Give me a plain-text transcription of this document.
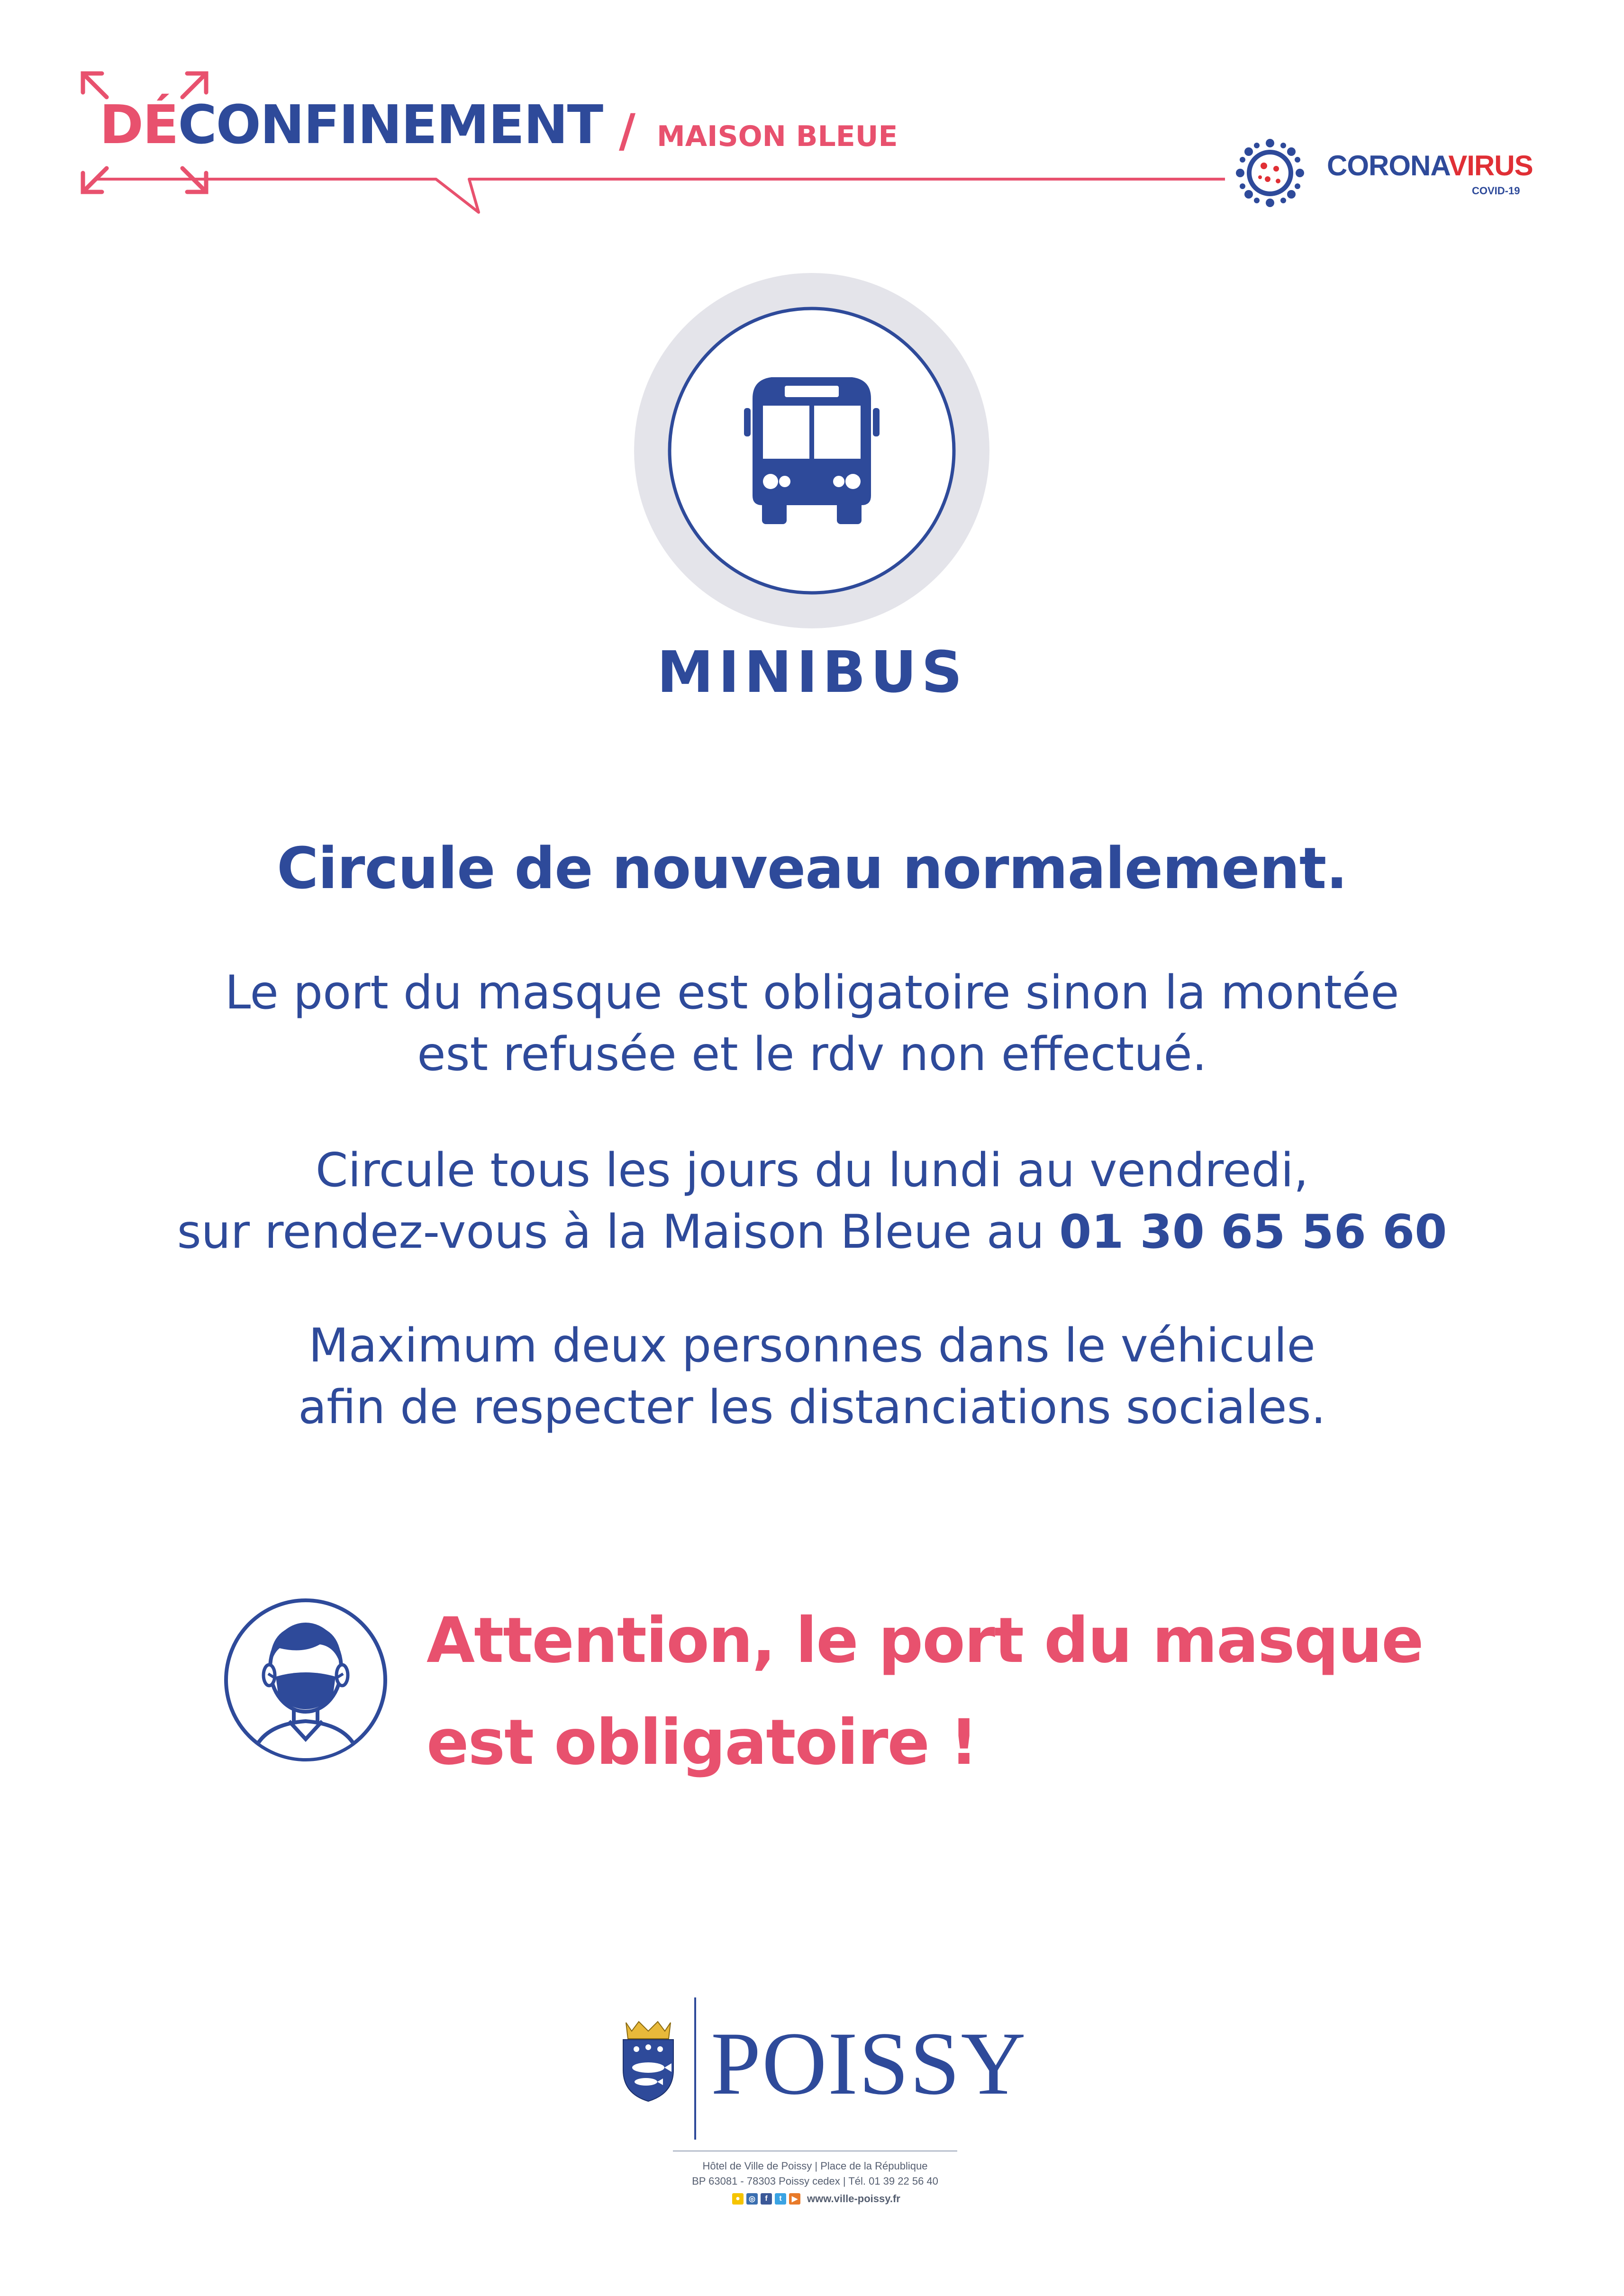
DÉCONFINEMENT / MAISON BLEUE
CORONAVIRUS
COVID-19
MINIBUS
Circule de nouveau normalement.
Le port du masque est obligatoire sinon la montée
est refusée et le rdv non effectué.
Circule tous les jours du lundi au vendredi,
sur rendez-vous à la Maison Bleue au 01 30 65 56 60
Maximum deux personnes dans le véhicule
afin de respecter les distanciations sociales.
Attention, le port du masque
est obligatoire !
POISSY
Hôtel de Ville de Poissy | Place de la République
BP 63081 - 78303 Poissy cedex | Tél. 01 39 22 56 40
●	◎	f	t	▶ www.ville-poissy.fr
